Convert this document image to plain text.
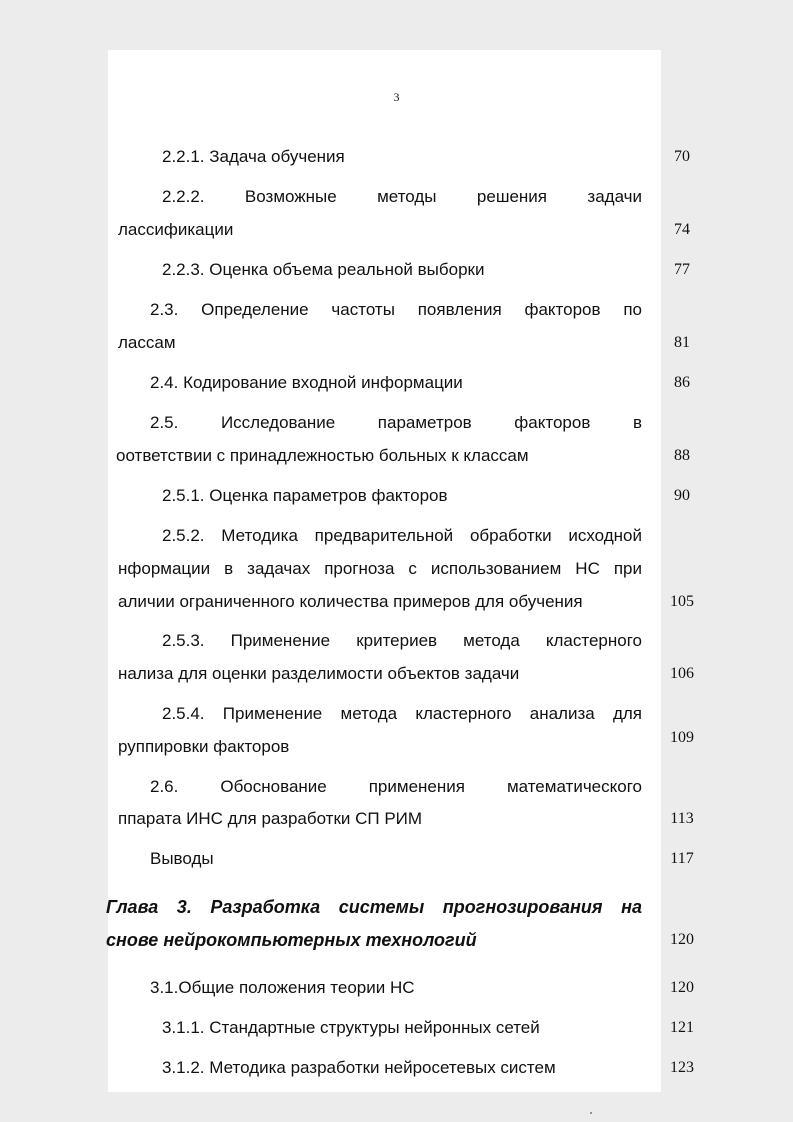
3
2.2.1. Задача обучения	70
2.2.2. Возможные методы решения задачи
лассификации	74
2.2.3. Оценка объема реальной выборки	77
2.3. Определение частоты появления факторов по
лассам	81
2.4. Кодирование входной информации	86
2.5. Исследование параметров факторов в
оответствии с принадлежностью больных к классам	88
2.5.1. Оценка параметров факторов	90
2.5.2. Методика предварительной обработки исходной
нформации в задачах прогноза с использованием НС при
аличии ограниченного количества примеров для обучения	105
2.5.3. Применение критериев метода кластерного
нализа для оценки разделимости объектов задачи	106
2.5.4. Применение метода кластерного анализа для
руппировки факторов	109
2.6. Обоснование применения математического
ппарата ИНС для разработки СП РИМ	113
Выводы	117
Глава 3. Разработка системы прогнозирования на
снове нейрокомпьютерных технологий	120
3.1.Общие положения теории НС	120
3.1.1. Стандартные структуры нейронных сетей	121
3.1.2. Методика разработки нейросетевых систем	123
